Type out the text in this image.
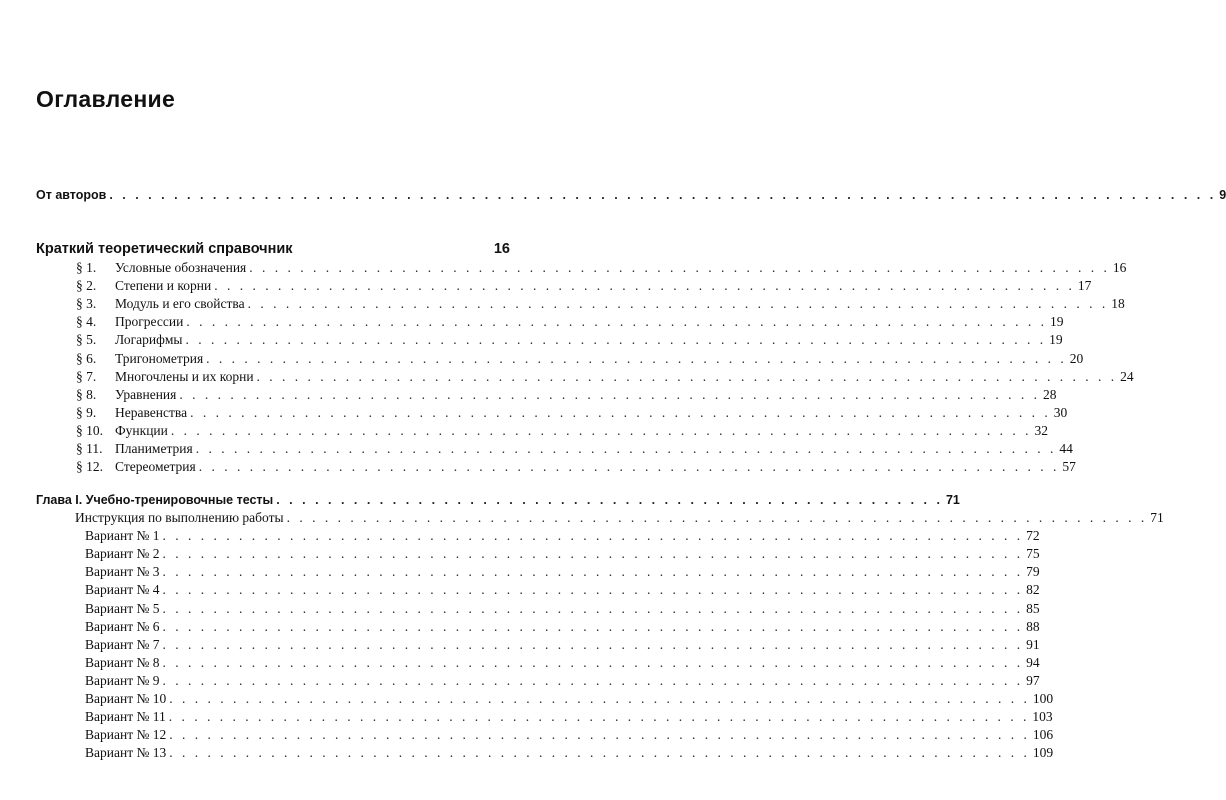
Оглавление
От авторов . . . . . . . . . . . . . . . . . . . . . . . . . . . . . . . . . . . . . . . . . . . . . . . . . . . . . . . . . . . . . . . . . . . . . . . . . . . . . . . . . . . . . . 9
Краткий теоретический справочник	16
§ 1. Условные обозначения . . . . . . . . . . . . . . . . . . . . . . . . . . . . . . . . . . . . . . . . . . . . . . . . . . . . . . . . . . . . . . . . . . . . 16
§ 2. Степени и корни . . . . . . . . . . . . . . . . . . . . . . . . . . . . . . . . . . . . . . . . . . . . . . . . . . . . . . . . . . . . . . . . . . . . 17
§ 3. Модуль и его свойства . . . . . . . . . . . . . . . . . . . . . . . . . . . . . . . . . . . . . . . . . . . . . . . . . . . . . . . . . . . . . . . . . . . . 18
§ 4. Прогрессии . . . . . . . . . . . . . . . . . . . . . . . . . . . . . . . . . . . . . . . . . . . . . . . . . . . . . . . . . . . . . . . . . . . . 19
§ 5. Логарифмы . . . . . . . . . . . . . . . . . . . . . . . . . . . . . . . . . . . . . . . . . . . . . . . . . . . . . . . . . . . . . . . . . . . . 19
§ 6. Тригонометрия . . . . . . . . . . . . . . . . . . . . . . . . . . . . . . . . . . . . . . . . . . . . . . . . . . . . . . . . . . . . . . . . . . . . 20
§ 7. Многочлены и их корни . . . . . . . . . . . . . . . . . . . . . . . . . . . . . . . . . . . . . . . . . . . . . . . . . . . . . . . . . . . . . . . . . . . . 24
§ 8. Уравнения . . . . . . . . . . . . . . . . . . . . . . . . . . . . . . . . . . . . . . . . . . . . . . . . . . . . . . . . . . . . . . . . . . . . 28
§ 9. Неравенства . . . . . . . . . . . . . . . . . . . . . . . . . . . . . . . . . . . . . . . . . . . . . . . . . . . . . . . . . . . . . . . . . . . . 30
§ 10. Функции . . . . . . . . . . . . . . . . . . . . . . . . . . . . . . . . . . . . . . . . . . . . . . . . . . . . . . . . . . . . . . . . . . . . 32
§ 11. Планиметрия . . . . . . . . . . . . . . . . . . . . . . . . . . . . . . . . . . . . . . . . . . . . . . . . . . . . . . . . . . . . . . . . . . . . 44
§ 12. Стереометрия . . . . . . . . . . . . . . . . . . . . . . . . . . . . . . . . . . . . . . . . . . . . . . . . . . . . . . . . . . . . . . . . . . . . 57
Глава I. Учебно-тренировочные тесты . . . . . . . . . . . . . . . . . . . . . . . . . . . . . . . . . . . . . . . . . . . . . . . . . . . . 71
Инструкция по выполнению работы . . . . . . . . . . . . . . . . . . . . . . . . . . . . . . . . . . . . . . . . . . . . . . . . . . . . . . . . . . . . . . . . . . . . 71
Вариант № 1 . . . . . . . . . . . . . . . . . . . . . . . . . . . . . . . . . . . . . . . . . . . . . . . . . . . . . . . . . . . . . . . . . . . . 72
Вариант № 2 . . . . . . . . . . . . . . . . . . . . . . . . . . . . . . . . . . . . . . . . . . . . . . . . . . . . . . . . . . . . . . . . . . . . 75
Вариант № 3 . . . . . . . . . . . . . . . . . . . . . . . . . . . . . . . . . . . . . . . . . . . . . . . . . . . . . . . . . . . . . . . . . . . . 79
Вариант № 4 . . . . . . . . . . . . . . . . . . . . . . . . . . . . . . . . . . . . . . . . . . . . . . . . . . . . . . . . . . . . . . . . . . . . 82
Вариант № 5 . . . . . . . . . . . . . . . . . . . . . . . . . . . . . . . . . . . . . . . . . . . . . . . . . . . . . . . . . . . . . . . . . . . . 85
Вариант № 6 . . . . . . . . . . . . . . . . . . . . . . . . . . . . . . . . . . . . . . . . . . . . . . . . . . . . . . . . . . . . . . . . . . . . 88
Вариант № 7 . . . . . . . . . . . . . . . . . . . . . . . . . . . . . . . . . . . . . . . . . . . . . . . . . . . . . . . . . . . . . . . . . . . . 91
Вариант № 8 . . . . . . . . . . . . . . . . . . . . . . . . . . . . . . . . . . . . . . . . . . . . . . . . . . . . . . . . . . . . . . . . . . . . 94
Вариант № 9 . . . . . . . . . . . . . . . . . . . . . . . . . . . . . . . . . . . . . . . . . . . . . . . . . . . . . . . . . . . . . . . . . . . . 97
Вариант № 10 . . . . . . . . . . . . . . . . . . . . . . . . . . . . . . . . . . . . . . . . . . . . . . . . . . . . . . . . . . . . . . . . . . . . 100
Вариант № 11 . . . . . . . . . . . . . . . . . . . . . . . . . . . . . . . . . . . . . . . . . . . . . . . . . . . . . . . . . . . . . . . . . . . . 103
Вариант № 12 . . . . . . . . . . . . . . . . . . . . . . . . . . . . . . . . . . . . . . . . . . . . . . . . . . . . . . . . . . . . . . . . . . . . 106
Вариант № 13 . . . . . . . . . . . . . . . . . . . . . . . . . . . . . . . . . . . . . . . . . . . . . . . . . . . . . . . . . . . . . . . . . . . . 109
